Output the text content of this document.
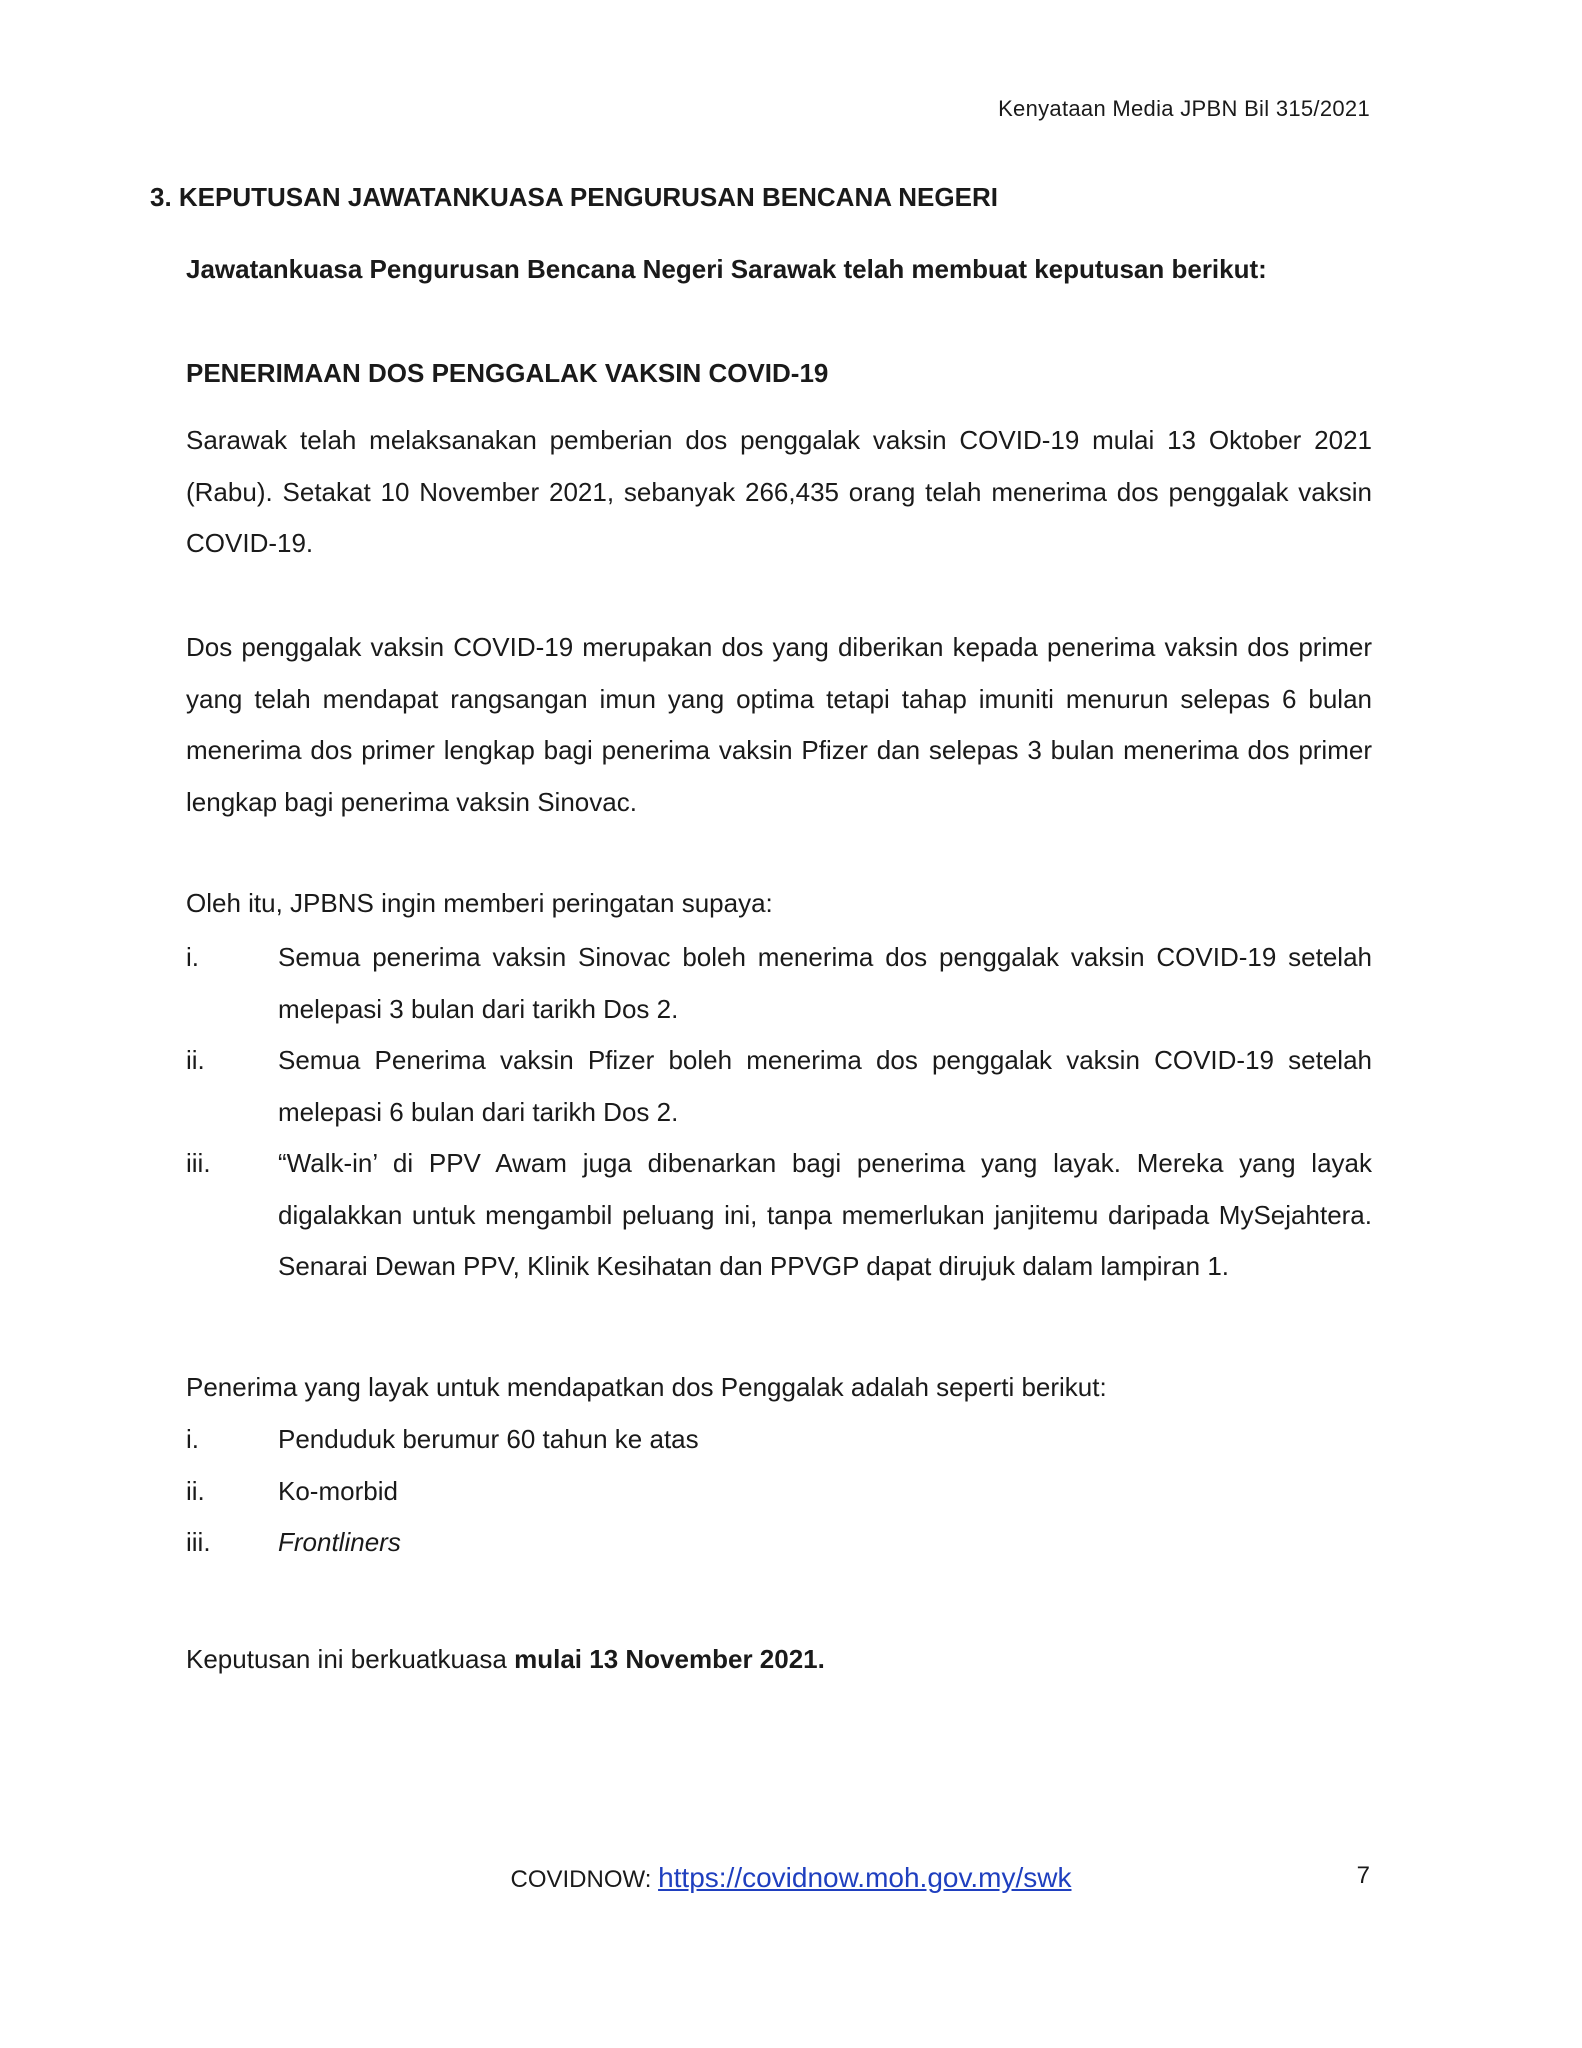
Kenyataan Media JPBN Bil 315/2021
3. KEPUTUSAN JAWATANKUASA PENGURUSAN BENCANA NEGERI
Jawatankuasa Pengurusan Bencana Negeri Sarawak telah membuat keputusan berikut:
PENERIMAAN DOS PENGGALAK VAKSIN COVID-19
Sarawak telah melaksanakan pemberian dos penggalak vaksin COVID-19 mulai 13 Oktober 2021 (Rabu). Setakat 10 November 2021, sebanyak 266,435 orang telah menerima dos penggalak vaksin COVID-19.
Dos penggalak vaksin COVID-19 merupakan dos yang diberikan kepada penerima vaksin dos primer yang telah mendapat rangsangan imun yang optima tetapi tahap imuniti menurun selepas 6 bulan menerima dos primer lengkap bagi penerima vaksin Pfizer dan selepas 3 bulan menerima dos primer lengkap bagi penerima vaksin Sinovac.
Oleh itu, JPBNS ingin memberi peringatan supaya:
i.	Semua penerima vaksin Sinovac boleh menerima dos penggalak vaksin COVID-19 setelah melepasi 3 bulan dari tarikh Dos 2.
ii.	Semua Penerima vaksin Pfizer boleh menerima dos penggalak vaksin COVID-19 setelah melepasi 6 bulan dari tarikh Dos 2.
iii.	“Walk-in’ di PPV Awam juga dibenarkan bagi penerima yang layak. Mereka yang layak digalakkan untuk mengambil peluang ini, tanpa memerlukan janjitemu daripada MySejahtera. Senarai Dewan PPV, Klinik Kesihatan dan PPVGP dapat dirujuk dalam lampiran 1.
Penerima yang layak untuk mendapatkan dos Penggalak adalah seperti berikut:
i.	Penduduk berumur 60 tahun ke atas
ii.	Ko-morbid
iii.	Frontliners
Keputusan ini berkuatkuasa mulai 13 November 2021.
COVIDNOW: https://covidnow.moh.gov.my/swk	7
